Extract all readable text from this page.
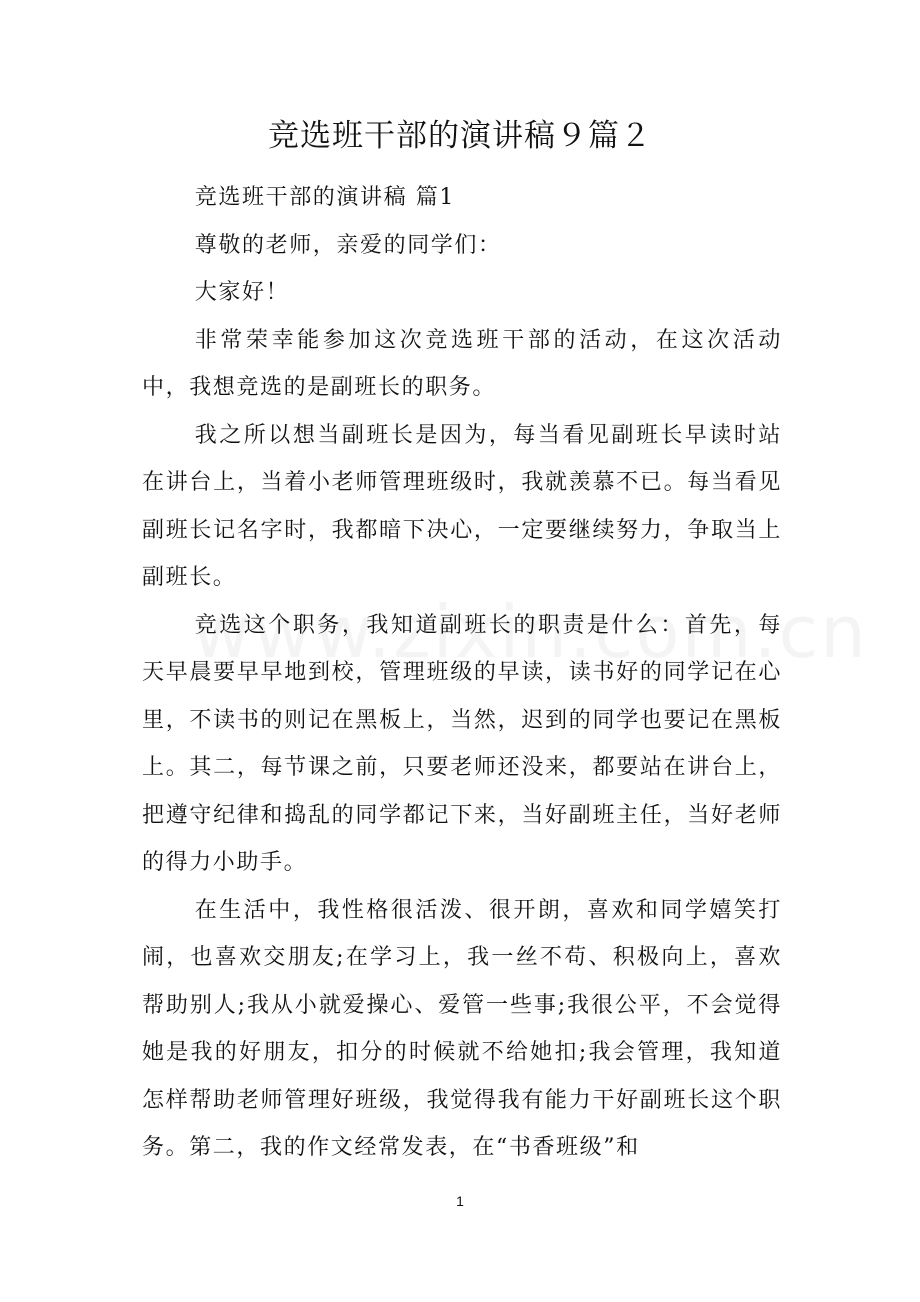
竞选班干部的演讲稿９篇２

竞选班干部的演讲稿 篇1

尊敬的老师，亲爱的同学们：

大家好！

非常荣幸能参加这次竞选班干部的活动，在这次活动中，我想竞选的是副班长的职务。

我之所以想当副班长是因为，每当看见副班长早读时站在讲台上，当着小老师管理班级时，我就羡慕不已。每当看见副班长记名字时，我都暗下决心，一定要继续努力，争取当上副班长。

竞选这个职务，我知道副班长的职责是什么：首先，每天早晨要早早地到校，管理班级的早读，读书好的同学记在心里，不读书的则记在黑板上，当然，迟到的同学也要记在黑板上。其二，每节课之前，只要老师还没来，都要站在讲台上，把遵守纪律和捣乱的同学都记下来，当好副班主任，当好老师的得力小助手。

在生活中，我性格很活泼、很开朗，喜欢和同学嬉笑打闹，也喜欢交朋友;在学习上，我一丝不苟、积极向上，喜欢帮助别人;我从小就爱操心、爱管一些事;我很公平，不会觉得她是我的好朋友，扣分的时候就不给她扣;我会管理，我知道怎样帮助老师管理好班级，我觉得我有能力干好副班长这个职务。第二，我的作文经常发表，在“书香班级”和

1
